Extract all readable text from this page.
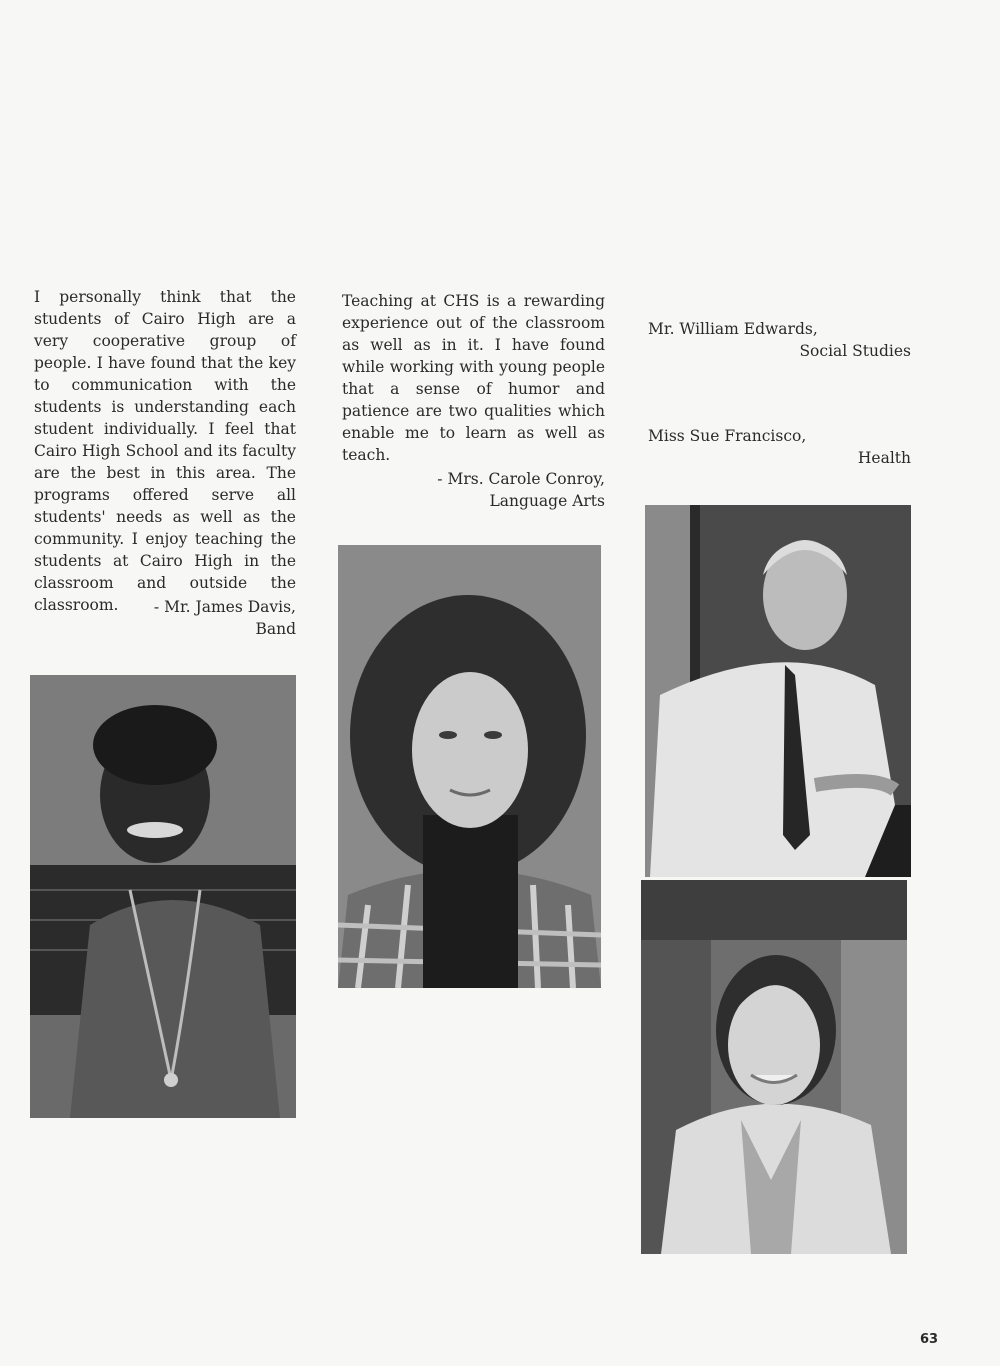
I personally think that the students of Cairo High are a very cooperative group of people. I have found that the key to communication with the students is understanding each student individually. I feel that Cairo High School and its faculty are the best in this area. The programs offered serve all students' needs as well as the community. I enjoy teaching the students at Cairo High in the classroom and outside the classroom.	- Mr. James Davis,
Band

Teaching at CHS is a rewarding experience out of the classroom as well as in it. I have found while working with young people that a sense of humor and patience are two qualities which enable me to learn as well as teach.

- Mrs. Carole Conroy,
Language Arts
Mr. William Edwards,
Social Studies
Miss Sue Francisco,
Health
63
